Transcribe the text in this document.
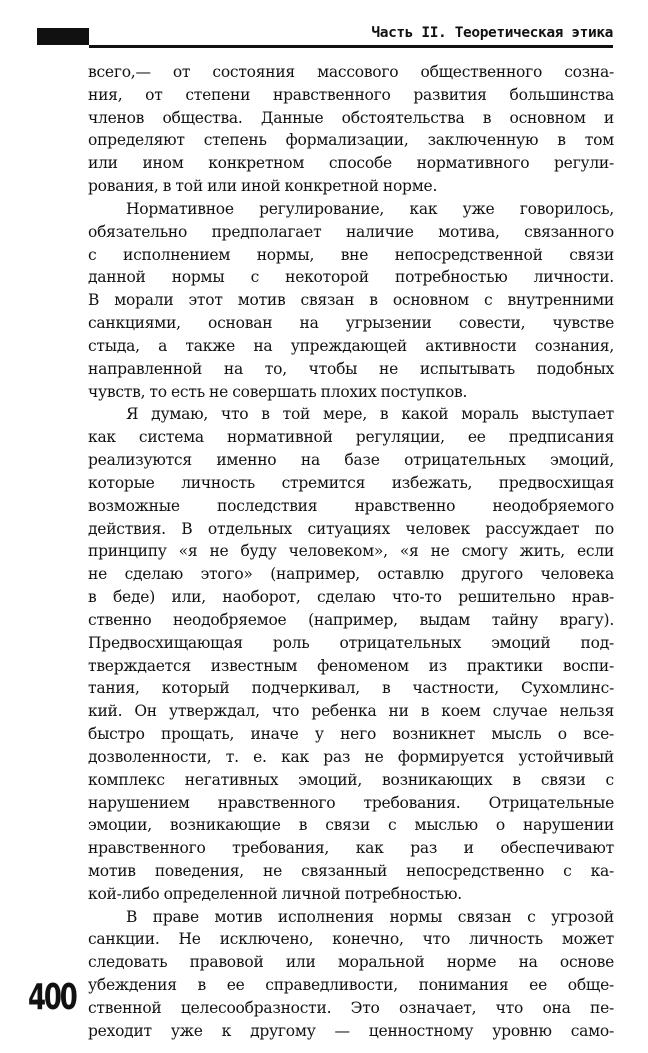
Часть II. Теоретическая этика
всего,— от состояния массового общественного созна-
ния, от степени нравственного развития большинства
членов общества. Данные обстоятельства в основном и
определяют степень формализации, заключенную в том
или ином конкретном способе нормативного регули-
рования, в той или иной конкретной норме.
Нормативное регулирование, как уже говорилось,
обязательно предполагает наличие мотива, связанного
с исполнением нормы, вне непосредственной связи
данной нормы с некоторой потребностью личности.
В морали этот мотив связан в основном с внутренними
санкциями, основан на угрызении совести, чувстве
стыда, а также на упреждающей активности сознания,
направленной на то, чтобы не испытывать подобных
чувств, то есть не совершать плохих поступков.
Я думаю, что в той мере, в какой мораль выступает
как система нормативной регуляции, ее предписания
реализуются именно на базе отрицательных эмоций,
которые личность стремится избежать, предвосхищая
возможные последствия нравственно неодобряемого
действия. В отдельных ситуациях человек рассуждает по
принципу «я не буду человеком», «я не смогу жить, если
не сделаю этого» (например, оставлю другого человека
в беде) или, наоборот, сделаю что-то решительно нрав-
ственно неодобряемое (например, выдам тайну врагу).
Предвосхищающая роль отрицательных эмоций под-
тверждается известным феноменом из практики воспи-
тания, который подчеркивал, в частности, Сухомлинс-
кий. Он утверждал, что ребенка ни в коем случае нельзя
быстро прощать, иначе у него возникнет мысль о все-
дозволенности, т. е. как раз не формируется устойчивый
комплекс негативных эмоций, возникающих в связи с
нарушением нравственного требования. Отрицательные
эмоции, возникающие в связи с мыслью о нарушении
нравственного требования, как раз и обеспечивают
мотив поведения, не связанный непосредственно с ка-
кой-либо определенной личной потребностью.
В праве мотив исполнения нормы связан с угрозой
санкции. Не исключено, конечно, что личность может
следовать правовой или моральной норме на основе
убеждения в ее справедливости, понимания ее обще-
ственной целесообразности. Это означает, что она пе-
реходит уже к другому — ценностному уровню само-
400
